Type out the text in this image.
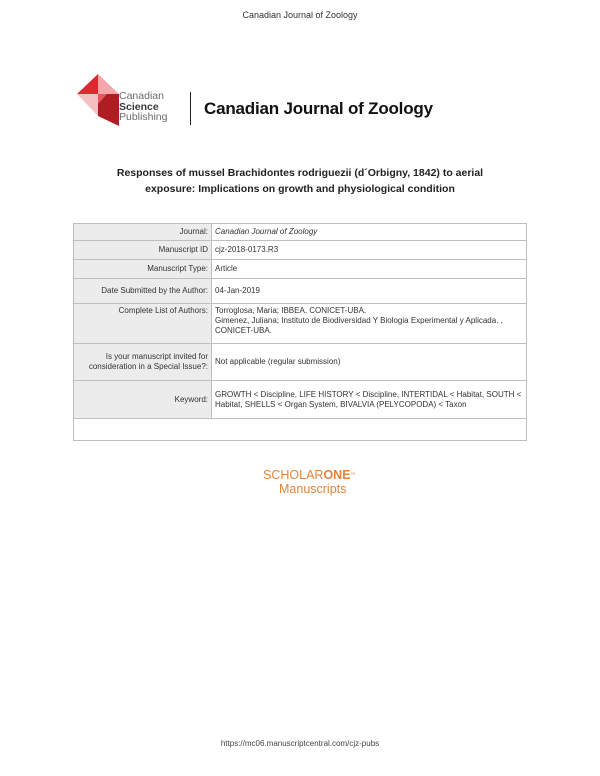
Canadian Journal of Zoology
Canadian
Science
Publishing Canadian Journal of Zoology
Responses of mussel Brachidontes rodriguezii (d´Orbigny, 1842) to aerial exposure: Implications on growth and physiological condition
Journal:	Canadian Journal of Zoology
Manuscript ID	cjz-2018-0173.R3
Manuscript Type:	Article
Date Submitted by the Author:	04-Jan-2019
Complete List of Authors:	Torroglosa, Maria; IBBEA. CONICET-UBA.
Gimenez, Juliana; Instituto de Biodiversidad Y Biologia Experimental y Aplicada. , CONICET-UBA.

Is your manuscript invited for consideration in a Special Issue?:	Not applicable (regular submission)
Keyword:	GROWTH < Discipline, LIFE HISTORY < Discipline, INTERTIDAL < Habitat, SOUTH < Habitat, SHELLS < Organ System, BIVALVIA (PELYCOPODA) < Taxon

SCHOLARONE™
Manuscripts
https://mc06.manuscriptcentral.com/cjz-pubs
